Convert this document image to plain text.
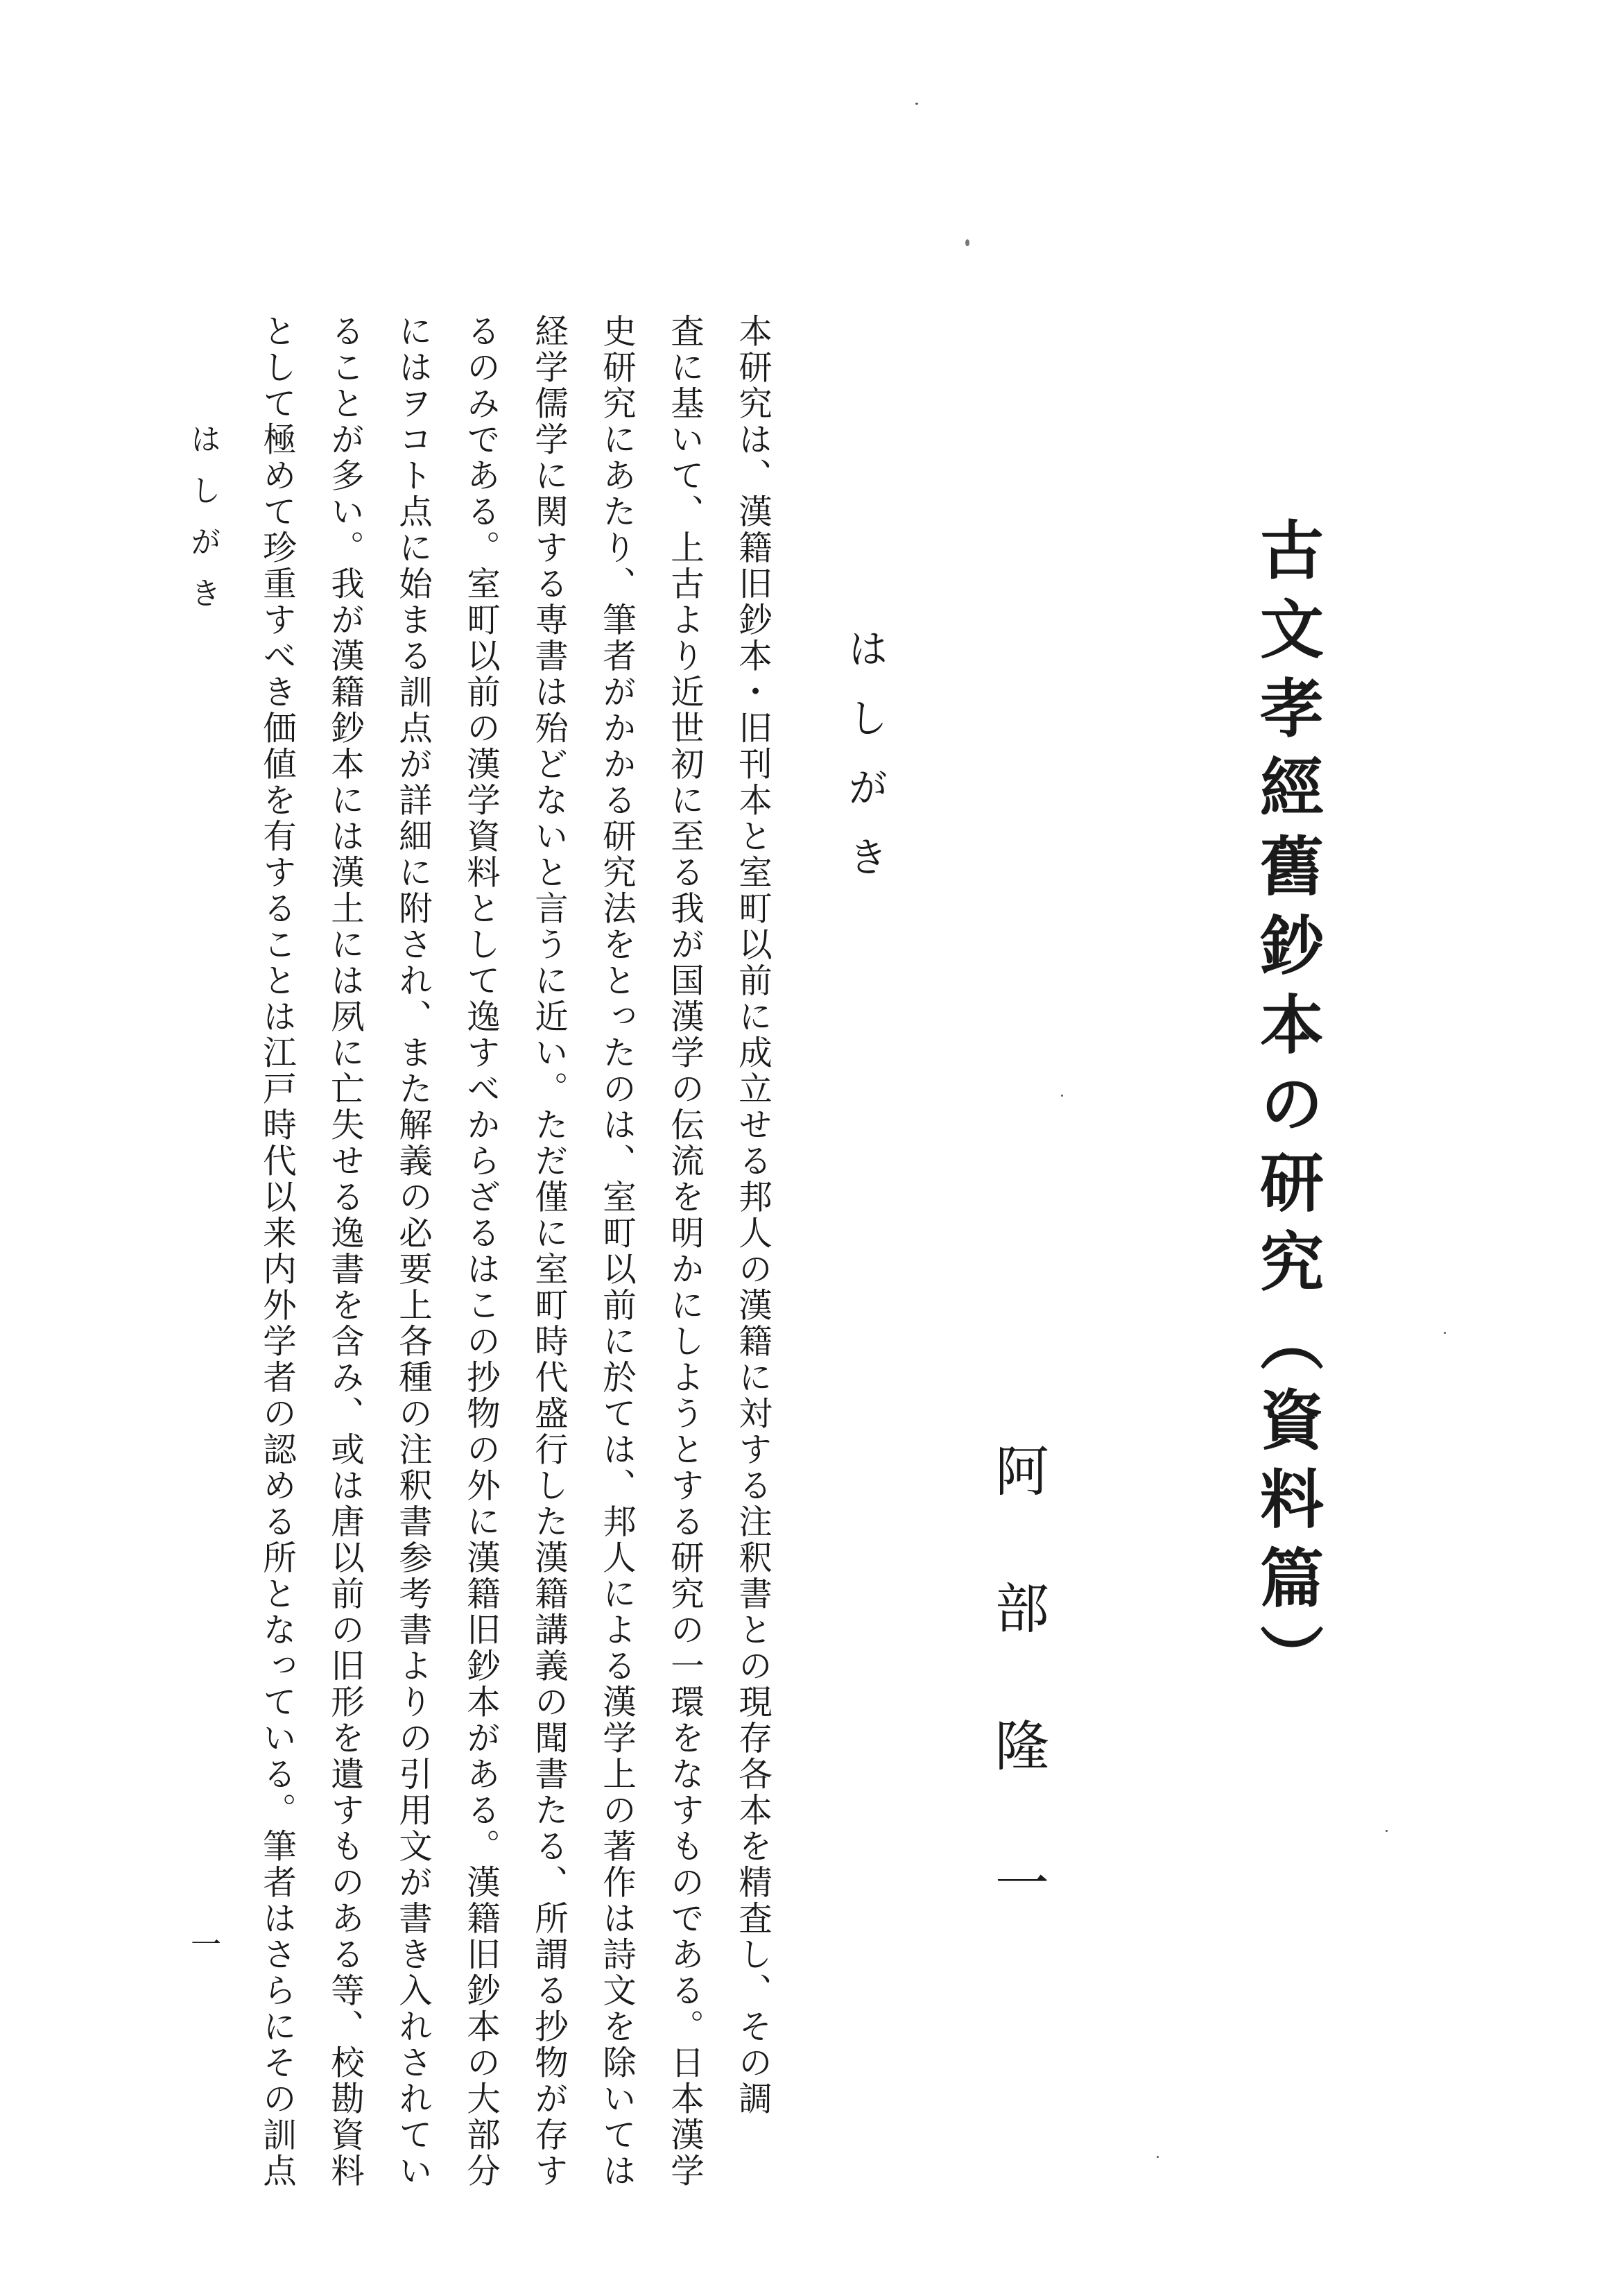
古文孝經舊鈔本の研究（資料篇）
阿部隆一
はしがき
本研究は、漢籍旧鈔本・旧刊本と室町以前に成立せる邦人の漢籍に対する注釈書との現存各本を精査し、その調
査に基いて、上古より近世初に至る我が国漢学の伝流を明かにしようとする研究の一環をなすものである。日本漢学
史研究にあたり、筆者がかかる研究法をとったのは、室町以前に於ては、邦人による漢学上の著作は詩文を除いては
経学儒学に関する専書は殆どないと言うに近い。ただ僅に室町時代盛行した漢籍講義の聞書たる、所謂る抄物が存す
るのみである。室町以前の漢学資料として逸すべからざるはこの抄物の外に漢籍旧鈔本がある。漢籍旧鈔本の大部分
にはヲコト点に始まる訓点が詳細に附され、また解義の必要上各種の注釈書参考書よりの引用文が書き入れされてい
ることが多い。我が漢籍鈔本には漢土には夙に亡失せる逸書を含み、或は唐以前の旧形を遺すものある等、校勘資料
として極めて珍重すべき価値を有することは江戸時代以来内外学者の認める所となっている。筆者はさらにその訓点
はしがき
一
